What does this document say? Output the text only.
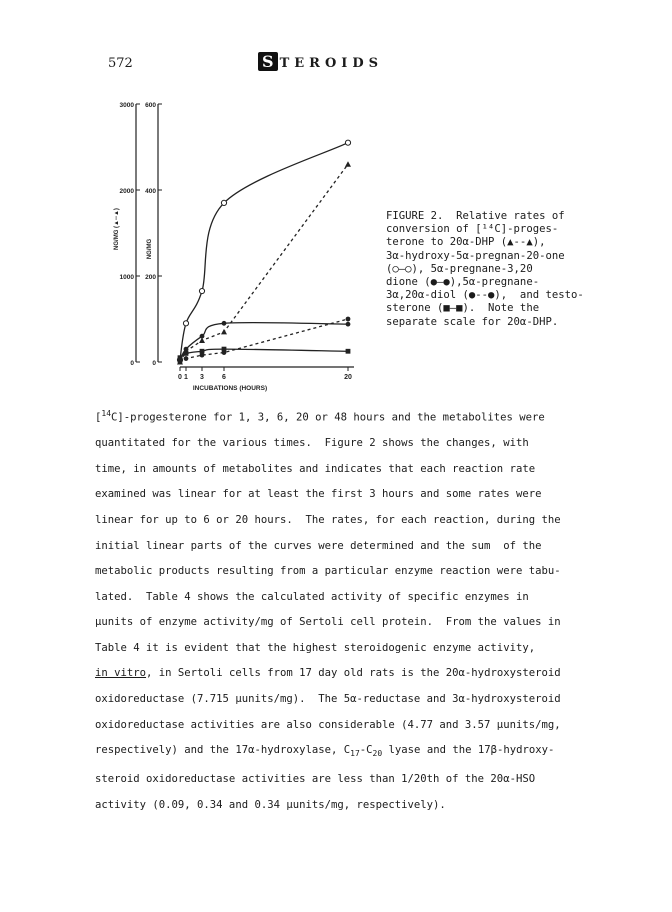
572	S TEROIDS
0
1000
2000
3000
0
200
400
600
0 1 3	6	20
INCUBATIONS (HOURS)
NG/MG (▲--▲)	NG/MG
FIGURE 2.  Relative rates of
conversion of [¹⁴C]-proges-
terone to 20α-DHP (▲--▲),
3α-hydroxy-5α-pregnan-20-one
(○—○), 5α-pregnane-3,20
dione (●—●),5α-pregnane-
3α,20α-diol (●--●),  and testo-
sterone (■—■).  Note the
separate scale for 20α-DHP.

[$^{14}$C]-progesterone for 1, 3, 6, 20 or 48 hours and the metabolites were

quantitated for the various times.  Figure 2 shows the changes, with

time, in amounts of metabolites and indicates that each reaction rate

examined was linear for at least the first 3 hours and some rates were

linear for up to 6 or 20 hours.  The rates, for each reaction, during the

initial linear parts of the curves were determined and the sum  of the

metabolic products resulting from a particular enzyme reaction were tabu-

lated.  Table 4 shows the calculated activity of specific enzymes in

μunits of enzyme activity/mg of Sertoli cell protein.  From the values in

Table 4 it is evident that the highest steroidogenic enzyme activity,

in vitro, in Sertoli cells from 17 day old rats is the 20α-hydroxysteroid

oxidoreductase (7.715 μunits/mg).  The 5α-reductase and 3α-hydroxysteroid

oxidoreductase activities are also considerable (4.77 and 3.57 μunits/mg,

respectively) and the 17α-hydroxylase, $C_{17}-C_{20}$ lyase and the 17β-hydroxy-

steroid oxidoreductase activities are less than 1/20th of the 20α-HSO

activity (0.09, 0.34 and 0.34 μunits/mg, respectively).
